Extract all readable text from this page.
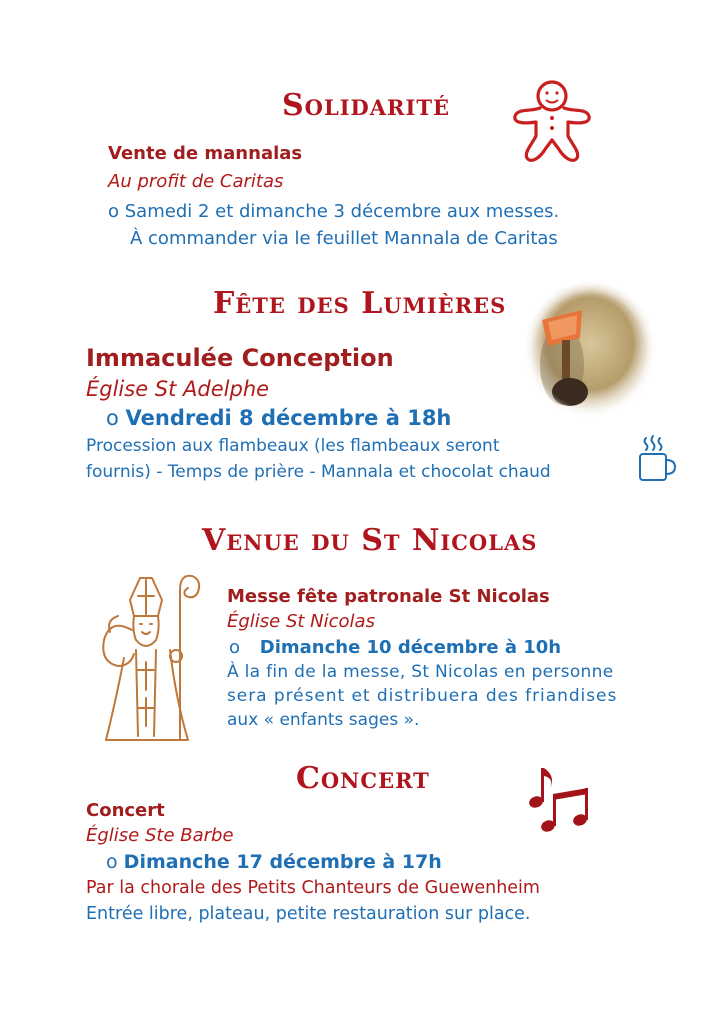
Solidarité
Vente de mannalas
Au profit de Caritas
o Samedi 2 et dimanche 3 décembre aux messes.
À commander via le feuillet Mannala de Caritas
Fête des Lumières
Immaculée Conception
Église St Adelphe
o Vendredi 8 décembre à 18h
Procession aux flambeaux (les flambeaux seront
fournis) - Temps de prière - Mannala et chocolat chaud
Venue du St Nicolas
Messe fête patronale St Nicolas
Église St Nicolas
o Dimanche 10 décembre à 10h
À la fin de la messe, St Nicolas en personne
sera présent et distribuera des friandises
aux « enfants sages ».
Concert
Concert
Église Ste Barbe
o Dimanche 17 décembre à 17h
Par la chorale des Petits Chanteurs de Guewenheim
Entrée libre, plateau, petite restauration sur place.
